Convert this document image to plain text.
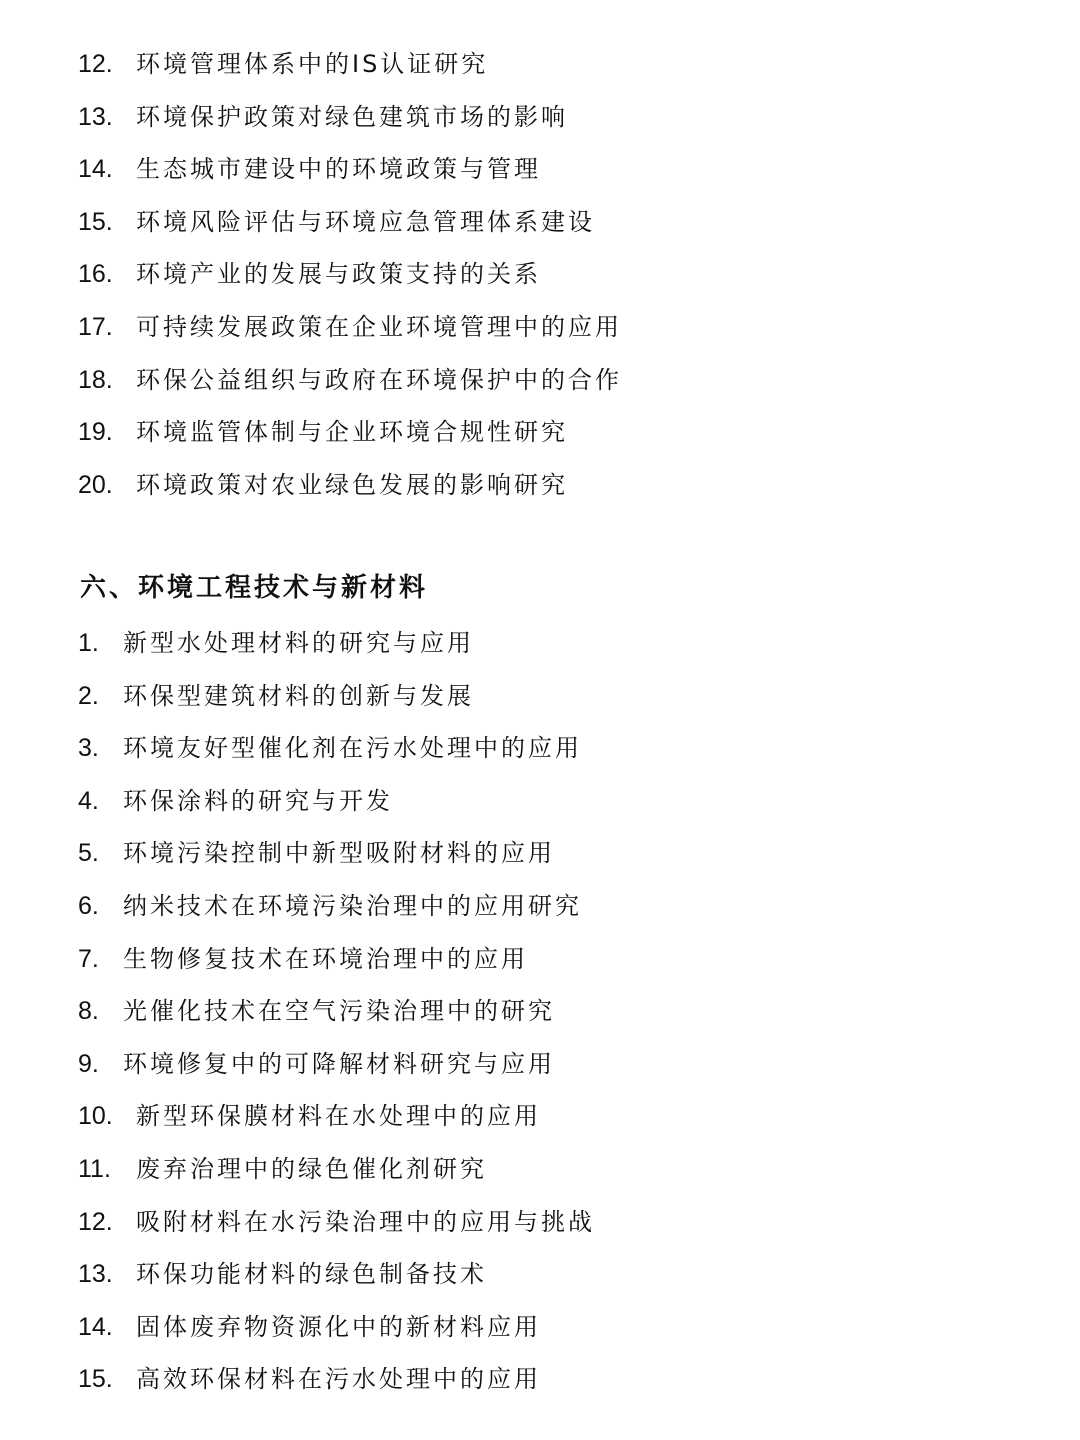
12. 环境管理体系中的IS认证研究
13. 环境保护政策对绿色建筑市场的影响
14. 生态城市建设中的环境政策与管理
15. 环境风险评估与环境应急管理体系建设
16. 环境产业的发展与政策支持的关系
17. 可持续发展政策在企业环境管理中的应用
18. 环保公益组织与政府在环境保护中的合作
19. 环境监管体制与企业环境合规性研究
20. 环境政策对农业绿色发展的影响研究
六、环境工程技术与新材料
1. 新型水处理材料的研究与应用
2. 环保型建筑材料的创新与发展
3. 环境友好型催化剂在污水处理中的应用
4. 环保涂料的研究与开发
5. 环境污染控制中新型吸附材料的应用
6. 纳米技术在环境污染治理中的应用研究
7. 生物修复技术在环境治理中的应用
8. 光催化技术在空气污染治理中的研究
9. 环境修复中的可降解材料研究与应用
10. 新型环保膜材料在水处理中的应用
11. 废弃治理中的绿色催化剂研究
12. 吸附材料在水污染治理中的应用与挑战
13. 环保功能材料的绿色制备技术
14. 固体废弃物资源化中的新材料应用
15. 高效环保材料在污水处理中的应用
